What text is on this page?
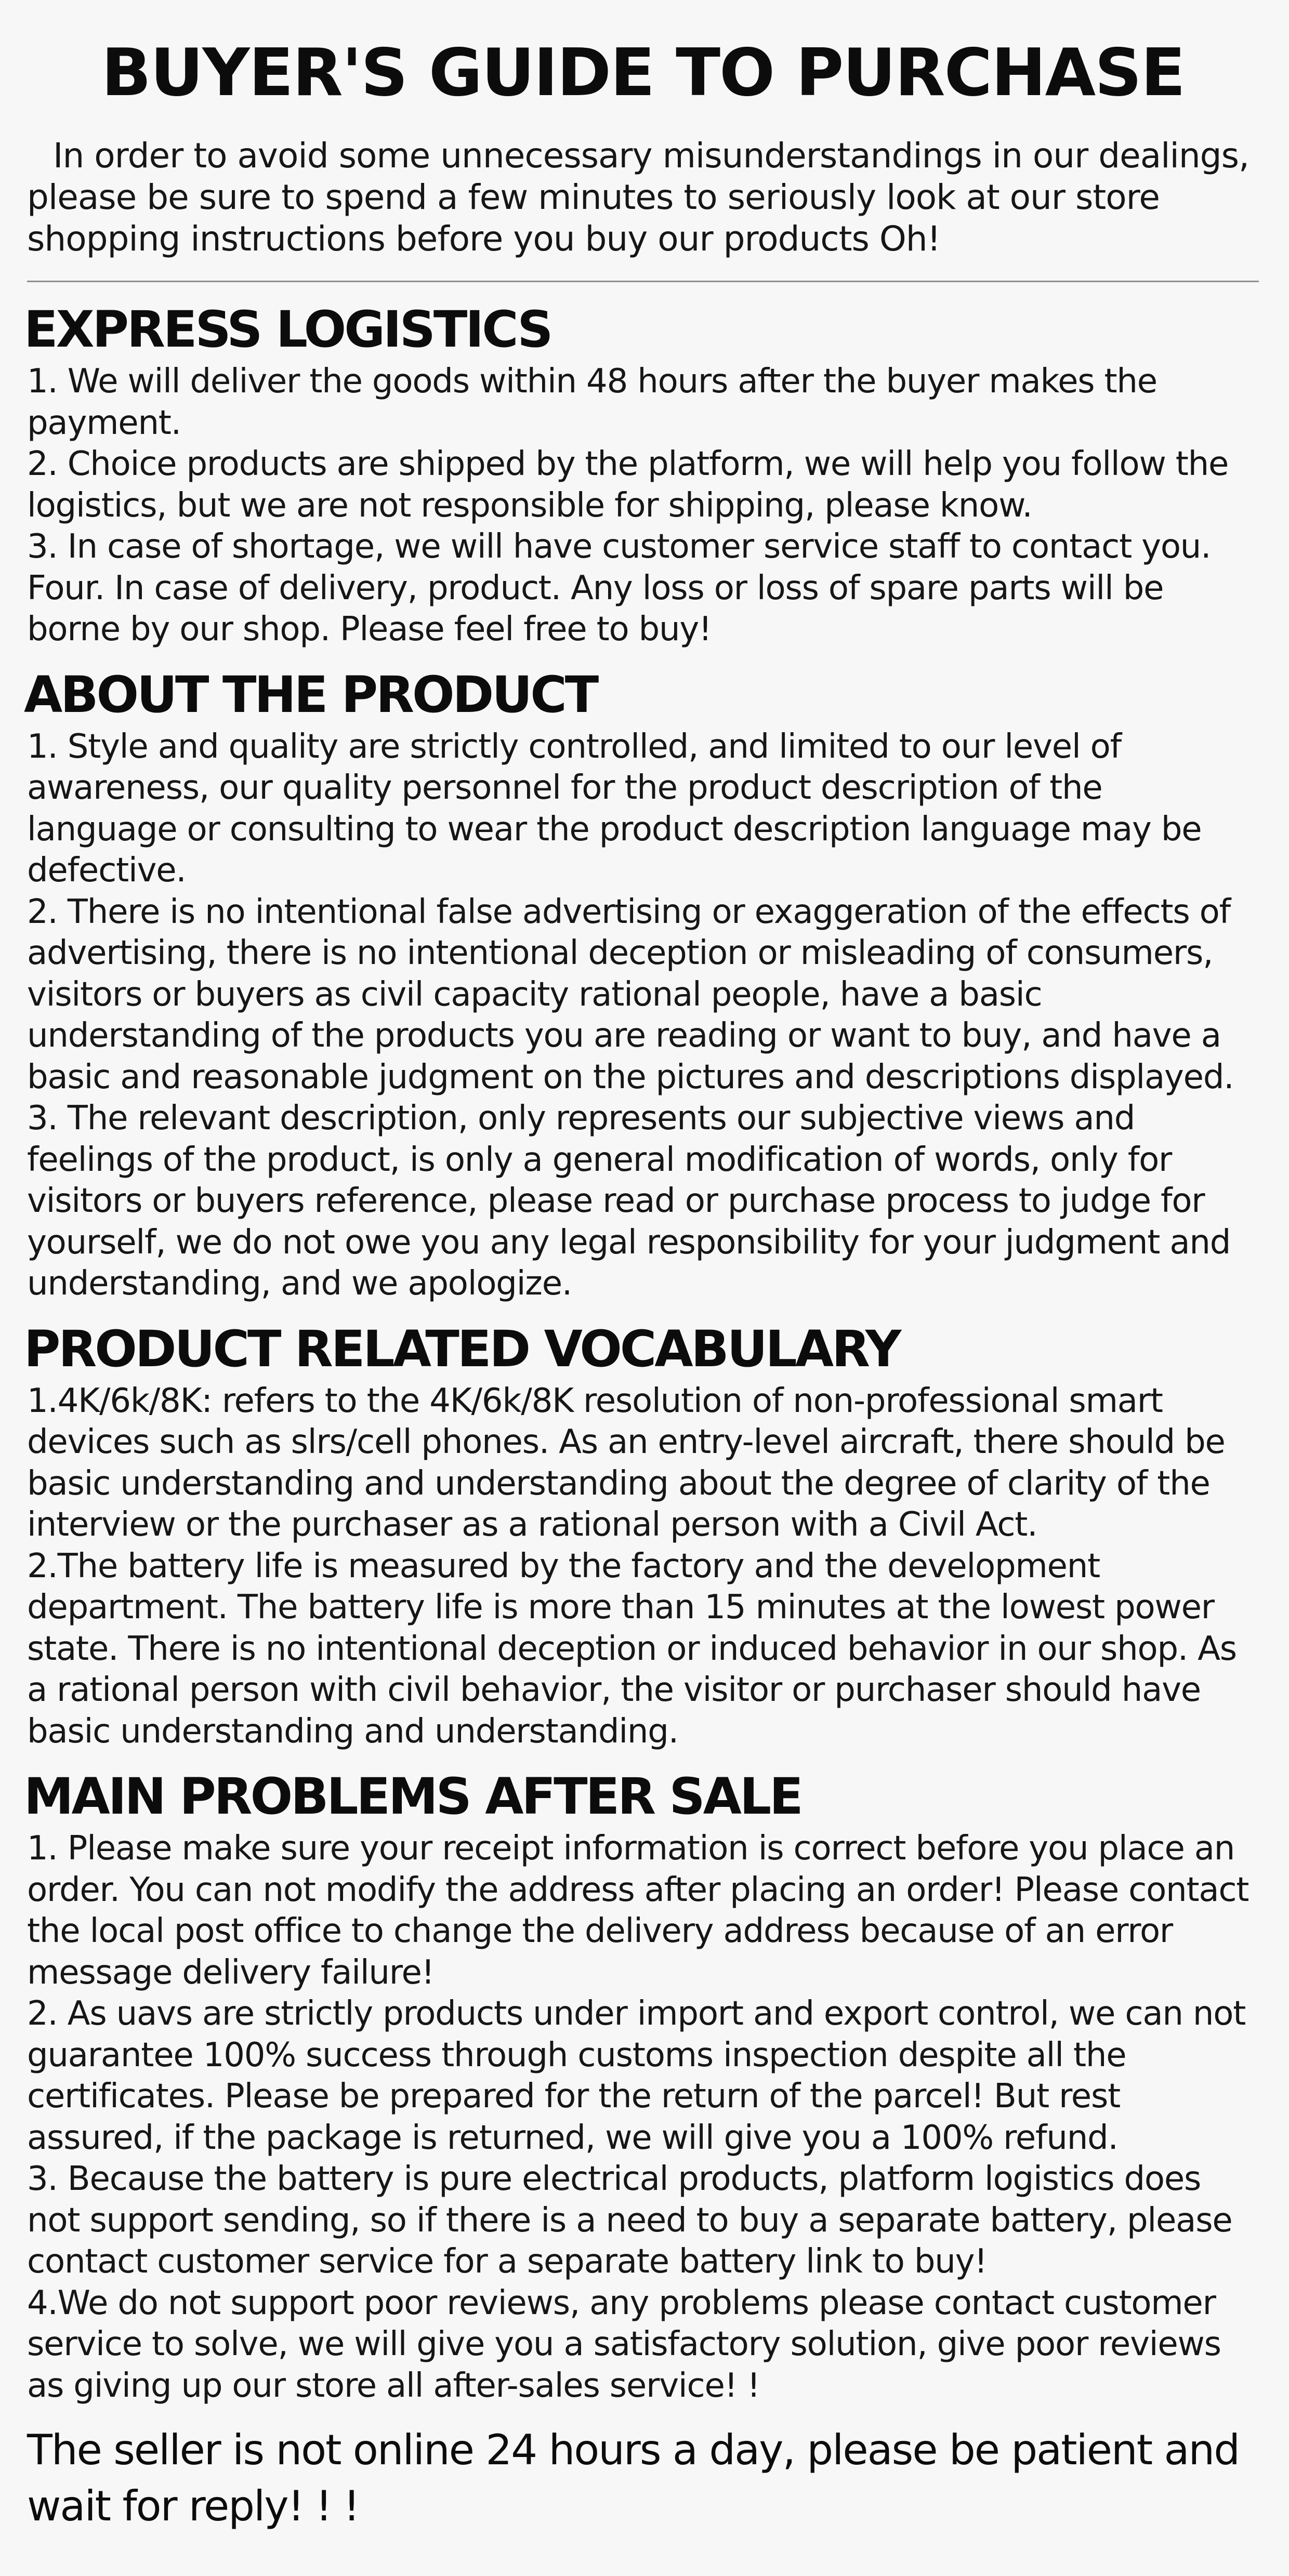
BUYER'S GUIDE TO PURCHASE

In order to avoid some unnecessary misunderstandings in our dealings, please be sure to spend a few minutes to seriously look at our store shopping instructions before you buy our products Oh!

EXPRESS LOGISTICS

1. We will deliver the goods within 48 hours after the buyer makes the payment.

2. Choice products are shipped by the platform, we will help you follow the logistics, but we are not responsible for shipping, please know.

3. In case of shortage, we will have customer service staff to contact you. Four. In case of delivery, product. Any loss or loss of spare parts will be borne by our shop. Please feel free to buy!

ABOUT THE PRODUCT

1. Style and quality are strictly controlled, and limited to our level of awareness, our quality personnel for the product description of the language or consulting to wear the product description language may be defective.

2. There is no intentional false advertising or exaggeration of the effects of advertising, there is no intentional deception or misleading of consumers, visitors or buyers as civil capacity rational people, have a basic understanding of the products you are reading or want to buy, and have a basic and reasonable judgment on the pictures and descriptions displayed.

3. The relevant description, only represents our subjective views and feelings of the product, is only a general modification of words, only for visitors or buyers reference, please read or purchase process to judge for yourself, we do not owe you any legal responsibility for your judgment and understanding, and we apologize.

PRODUCT RELATED VOCABULARY

1.4K/6k/8K: refers to the 4K/6k/8K resolution of non-professional smart devices such as slrs/cell phones. As an entry-level aircraft, there should be basic understanding and understanding about the degree of clarity of the interview or the purchaser as a rational person with a Civil Act.

2.The battery life is measured by the factory and the development department. The battery life is more than 15 minutes at the lowest power state. There is no intentional deception or induced behavior in our shop. As a rational person with civil behavior, the visitor or purchaser should have basic understanding and understanding.

MAIN PROBLEMS AFTER SALE

1. Please make sure your receipt information is correct before you place an order. You can not modify the address after placing an order! Please contact the local post office to change the delivery address because of an error message delivery failure!

2. As uavs are strictly products under import and export control, we can not guarantee 100% success through customs inspection despite all the certificates. Please be prepared for the return of the parcel! But rest assured, if the package is returned, we will give you a 100% refund.

3. Because the battery is pure electrical products, platform logistics does not support sending, so if there is a need to buy a separate battery, please contact customer service for a separate battery link to buy!

4.We do not support poor reviews, any problems please contact customer service to solve, we will give you a satisfactory solution, give poor reviews as giving up our store all after-sales service! !

The seller is not online 24 hours a day, please be patient and wait for reply! ! !
